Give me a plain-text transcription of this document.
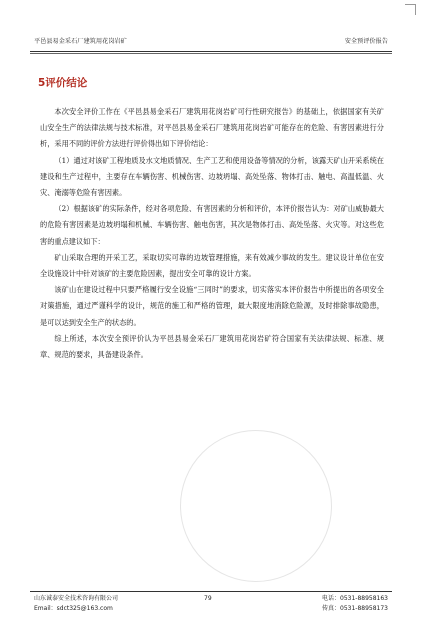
平邑县易金采石厂建筑用花岗岩矿	安全预评价报告
5评价结论

本次安全评价工作在《平邑县易金采石厂建筑用花岗岩矿可行性研究报告》的基础上，依据国家有关矿山安全生产的法律法规与技术标准，对平邑县易金采石厂建筑用花岗岩矿可能存在的危险、有害因素进行分析，采用不同的评价方法进行评价得出如下评价结论：

（1）通过对该矿工程地质及水文地质情况、生产工艺和使用设备等情况的分析，该露天矿山开采系统在建设和生产过程中，主要存在车辆伤害、机械伤害、边坡坍塌、高处坠落、物体打击、触电、高温低温、火灾、淹溺等危险有害因素。

（2）根据该矿的实际条件，经对各项危险、有害因素的分析和评价，本评价报告认为：对矿山威胁最大的危险有害因素是边坡坍塌和机械、车辆伤害、触电伤害，其次是物体打击、高处坠落、火灾等。对这些危害的重点建议如下：

矿山采取合理的开采工艺，采取切实可靠的边坡管理措施，来有效减少事故的发生。建议设计单位在安全设施设计中针对该矿的主要危险因素，提出安全可靠的设计方案。

该矿山在建设过程中只要严格履行安全设施“三同时”的要求，切实落实本评价报告中所提出的各项安全对策措施，通过严谨科学的设计，规范的施工和严格的管理，最大限度地消除危险源，及时排除事故隐患，是可以达到安全生产的状态的。

综上所述，本次安全预评价认为平邑县易金采石厂建筑用花岗岩矿符合国家有关法律法规、标准、规章、规范的要求，具备建设条件。

山东诚泰安全技术咨询有限公司
Email：sdct325@163.com
79	电话：0531-88958163
传真：0531-88958173
